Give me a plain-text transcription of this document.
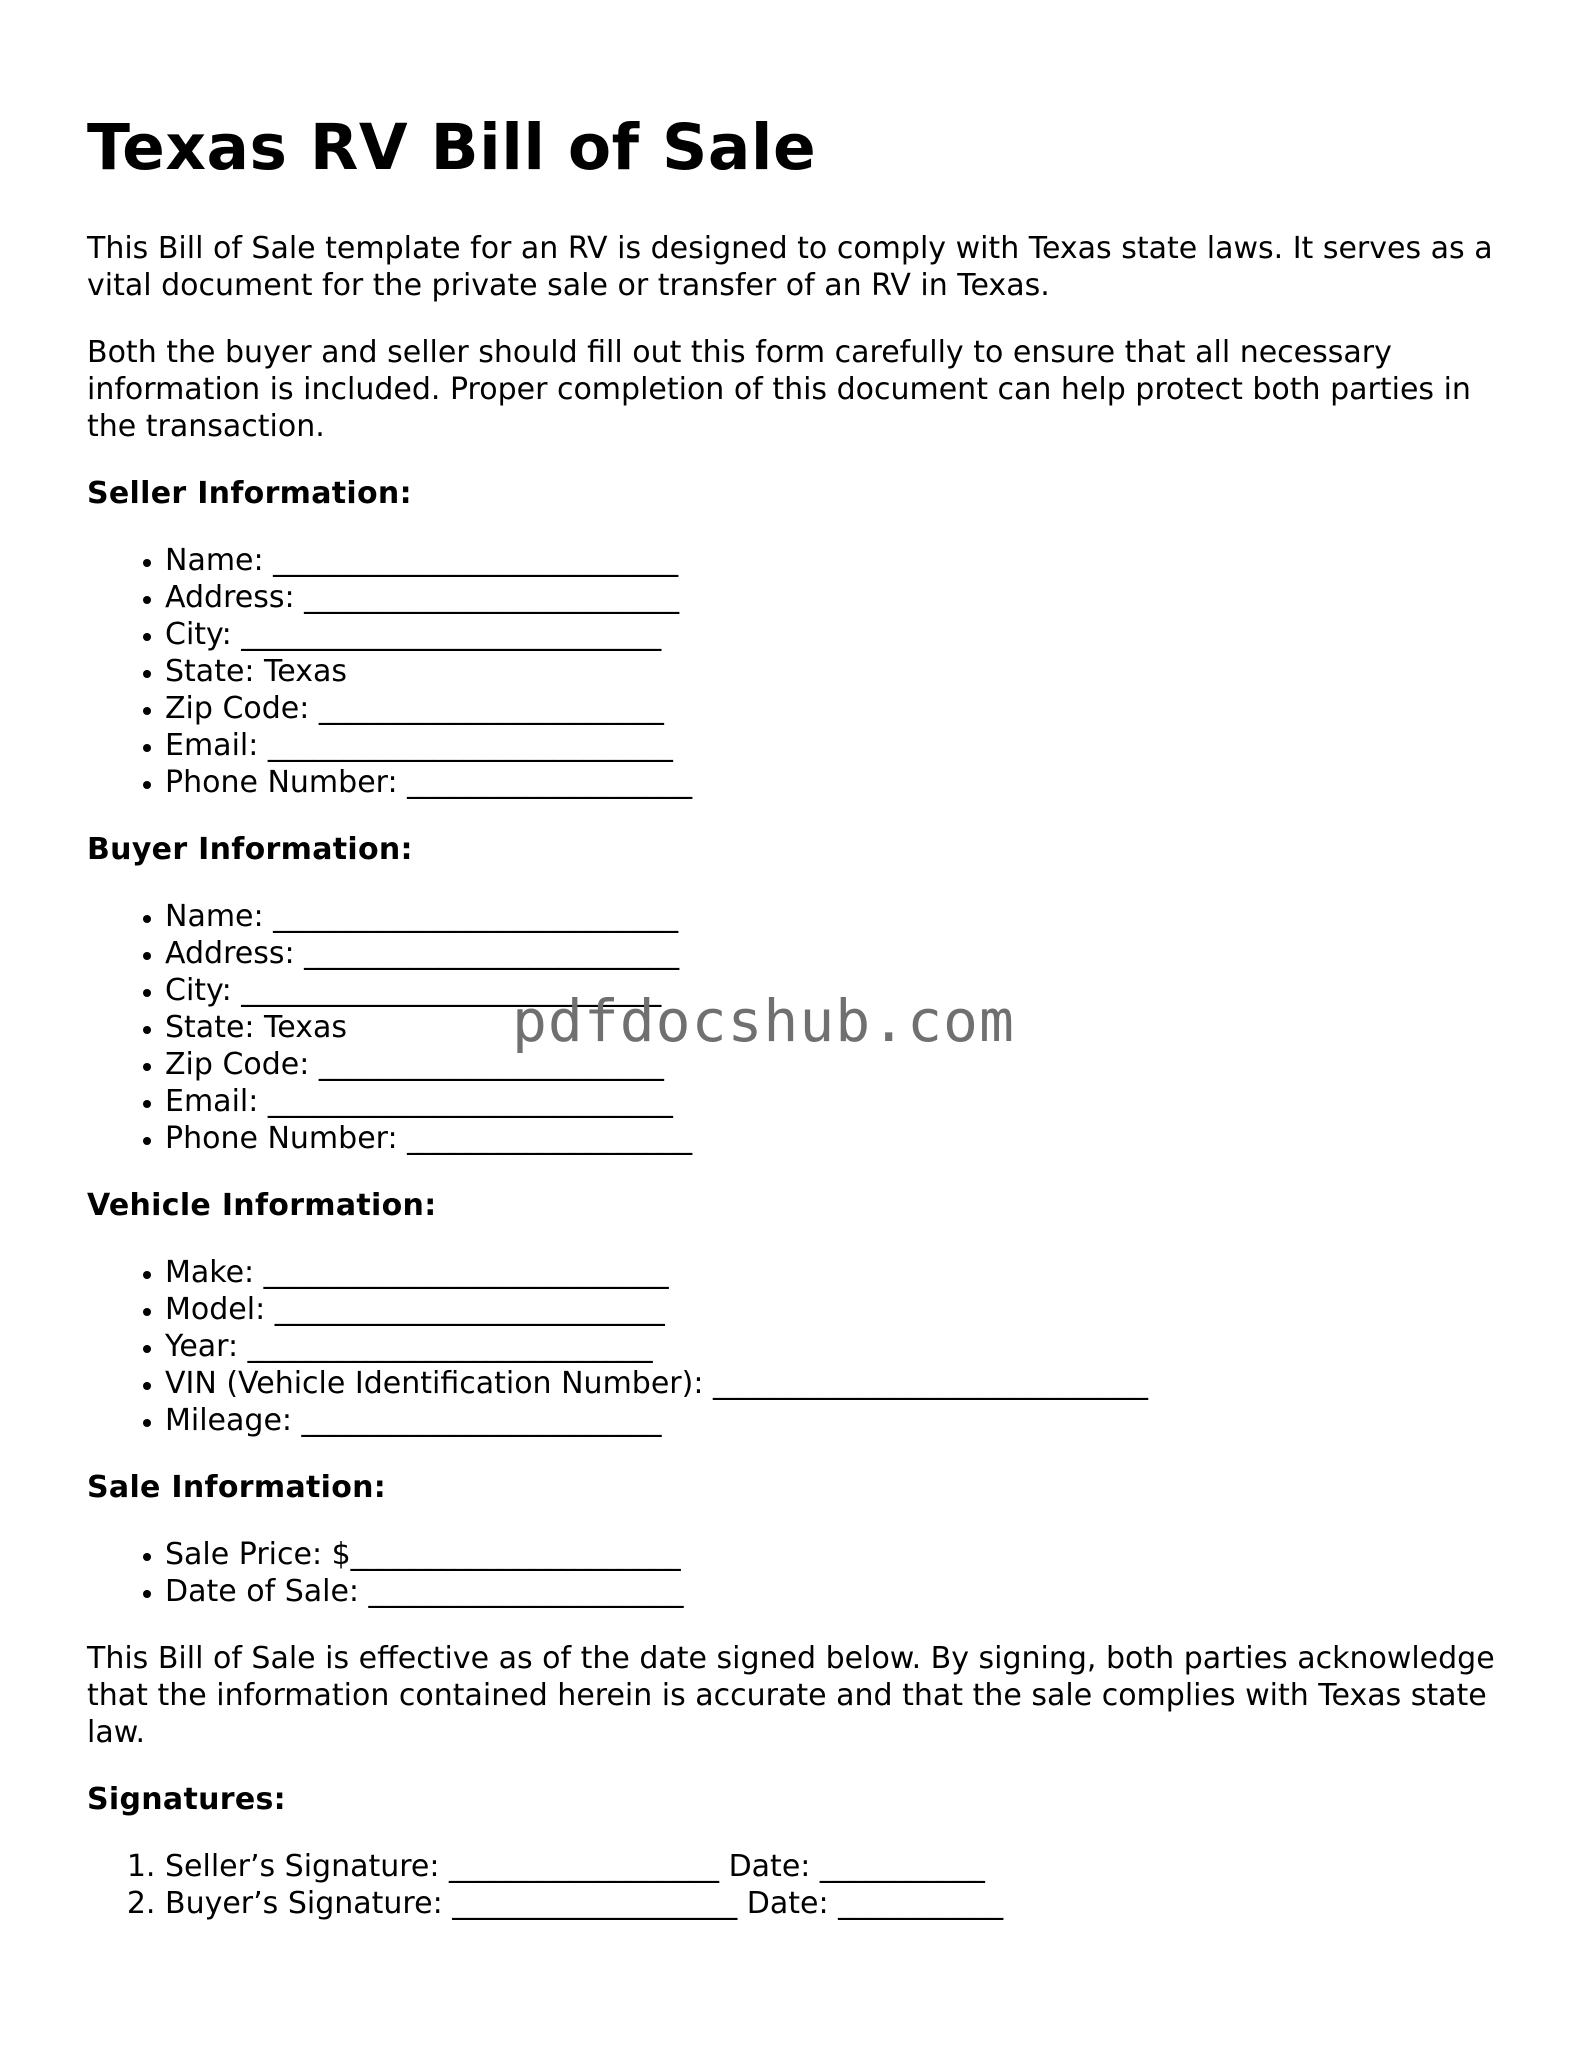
Texas RV Bill of Sale

This Bill of Sale template for an RV is designed to comply with Texas state laws. It serves as a vital document for the private sale or transfer of an RV in Texas.

Both the buyer and seller should fill out this form carefully to ensure that all necessary information is included. Proper completion of this document can help protect both parties in the transaction.

Seller Information:
• Name: ___________________________
• Address: _________________________
• City: ____________________________
• State: Texas
• Zip Code: _______________________
• Email: ___________________________
• Phone Number: ___________________
Buyer Information:
• Name: ___________________________
• Address: _________________________
• City: ____________________________
• State: Texas
• Zip Code: _______________________
• Email: ___________________________
• Phone Number: ___________________
Vehicle Information:
• Make: ___________________________
• Model: __________________________
• Year: ___________________________
• VIN (Vehicle Identification Number): _____________________________
• Mileage: ________________________
Sale Information:
• Sale Price: $______________________
• Date of Sale: _____________________

This Bill of Sale is effective as of the date signed below. By signing, both parties acknowledge that the information contained herein is accurate and that the sale complies with Texas state law.

Signatures:
1. Seller’s Signature: __________________ Date: ___________
2. Buyer’s Signature: ___________________ Date: ___________
pdfdocshub.com
